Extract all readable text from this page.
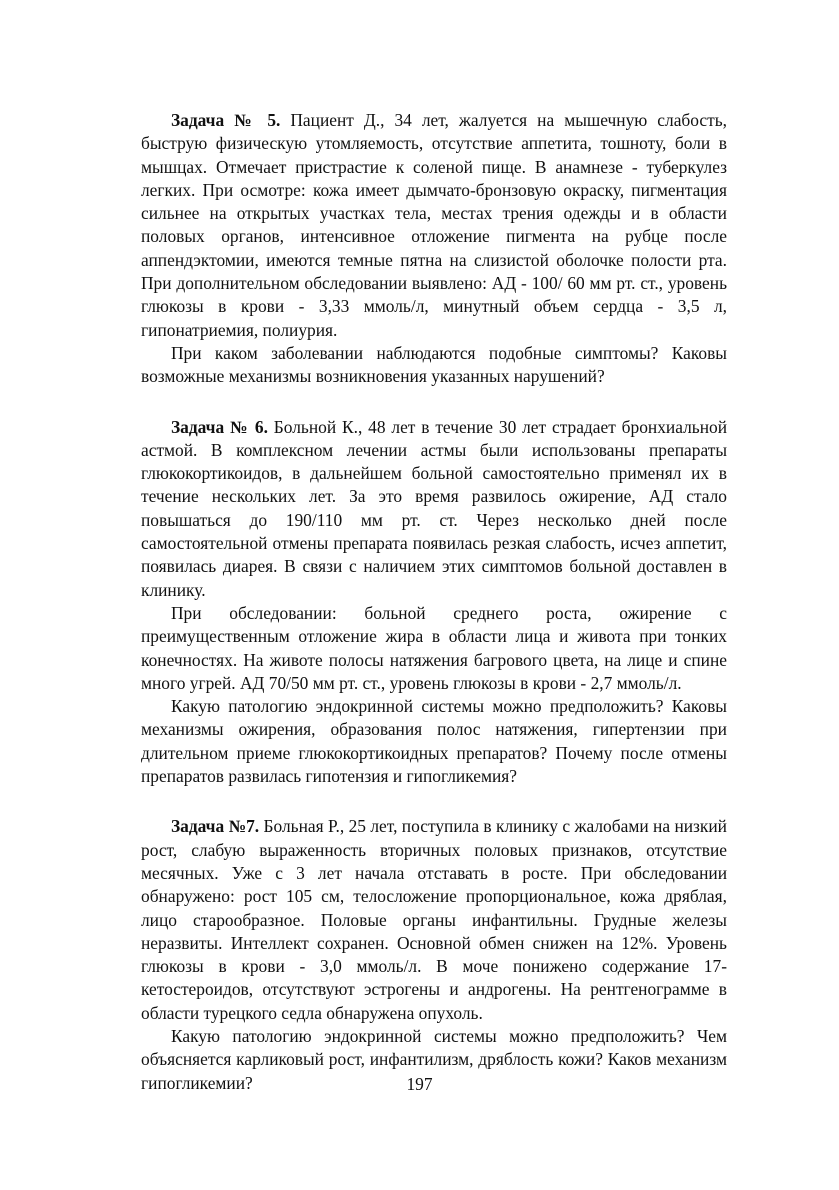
Задача № 5. Пациент Д., 34 лет, жалуется на мышечную слабость, быструю физическую утомляемость, отсутствие аппетита, тошноту, боли в мышцах. Отмечает пристрастие к соленой пище. В анамнезе - туберкулез легких. При осмотре: кожа имеет дымчато-бронзовую окраску, пигментация сильнее на открытых участках тела, местах трения одежды и в области половых органов, интенсивное отложение пигмента на рубце после аппендэктомии, имеются темные пятна на слизистой оболочке полости рта. При дополнительном обследовании выявлено: АД - 100/ 60 мм рт. ст., уровень глюкозы в крови - 3,33 ммоль/л, минутный объем сердца - 3,5 л, гипонатриемия, полиурия.

При каком заболевании наблюдаются подобные симптомы? Каковы возможные механизмы возникновения указанных нарушений?

Задача № 6. Больной К., 48 лет в течение 30 лет страдает бронхиальной астмой. В комплексном лечении астмы были использованы препараты глюкокортикоидов, в дальнейшем больной самостоятельно применял их в течение нескольких лет. За это время развилось ожирение, АД стало повышаться до 190/110 мм рт. ст. Через несколько дней после самостоятельной отмены препарата появилась резкая слабость, исчез аппетит, появилась диарея. В связи с наличием этих симптомов больной доставлен в клинику.

При обследовании: больной среднего роста, ожирение с преимущественным отложение жира в области лица и живота при тонких конечностях. На животе полосы натяжения багрового цвета, на лице и спине много угрей. АД 70/50 мм рт. ст., уровень глюкозы в крови - 2,7 ммоль/л.

Какую патологию эндокринной системы можно предположить? Каковы механизмы ожирения, образования полос натяжения, гипертензии при длительном приеме глюкокортикоидных препаратов? Почему после отмены препаратов развилась гипотензия и гипогликемия?

Задача №7. Больная Р., 25 лет, поступила в клинику с жалобами на низкий рост, слабую выраженность вторичных половых признаков, отсутствие месячных. Уже с 3 лет начала отставать в росте. При обследовании обнаружено: рост 105 см, телосложение пропорциональное, кожа дряблая, лицо старообразное. Половые органы инфантильны. Грудные железы неразвиты. Интеллект сохранен. Основной обмен снижен на 12%. Уровень глюкозы в крови - 3,0 ммоль/л. В моче понижено содержание 17-кетостероидов, отсутствуют эстрогены и андрогены. На рентгенограмме в области турецкого седла обнаружена опухоль.

Какую патологию эндокринной системы можно предположить? Чем объясняется карликовый рост, инфантилизм, дряблость кожи? Каков механизм гипогликемии?	197
